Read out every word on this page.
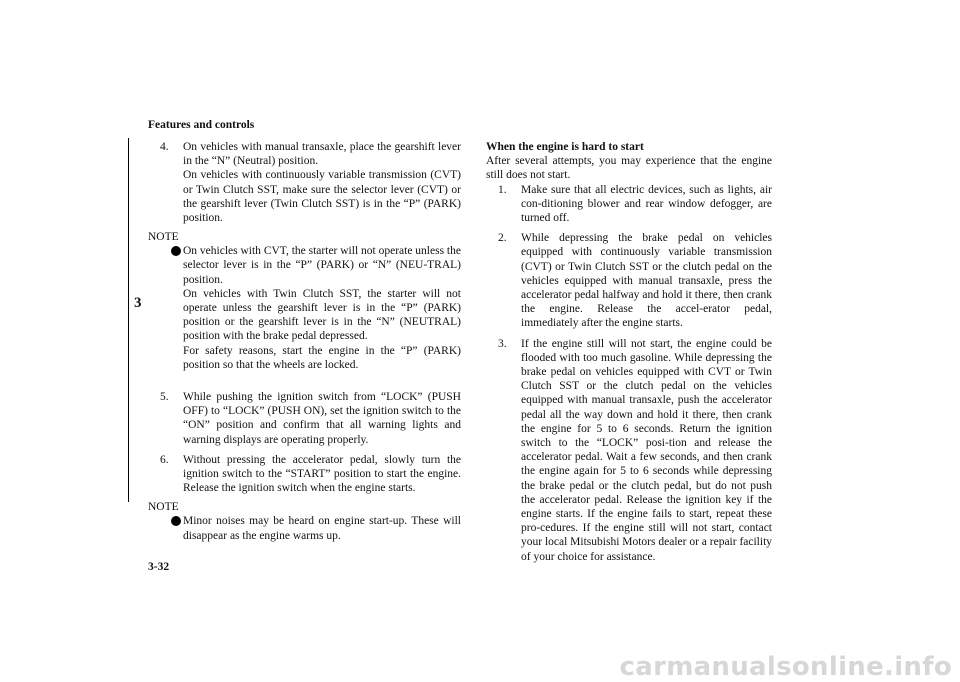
Features and controls
3
4. On vehicles with manual transaxle, place the gearshift lever in the “N” (Neutral) position.

On vehicles with continuously variable transmission (CVT) or Twin Clutch SST, make sure the selector lever (CVT) or the gearshift lever (Twin Clutch SST) is in the “P” (PARK) position.

NOTE

On vehicles with CVT, the starter will not operate unless the selector lever is in the “P” (PARK) or “N” (NEU-TRAL) position.

On vehicles with Twin Clutch SST, the starter will not operate unless the gearshift lever is in the “P” (PARK) position or the gearshift lever is in the “N” (NEUTRAL) position with the brake pedal depressed.

For safety reasons, start the engine in the “P” (PARK) position so that the wheels are locked.

5. While pushing the ignition switch from “LOCK” (PUSH OFF) to “LOCK” (PUSH ON), set the ignition switch to the “ON” position and confirm that all warning lights and warning displays are operating properly.

6. Without pressing the accelerator pedal, slowly turn the ignition switch to the “START” position to start the engine. Release the ignition switch when the engine starts.

NOTE

Minor noises may be heard on engine start-up. These will disappear as the engine warms up.

When the engine is hard to start

After several attempts, you may experience that the engine still does not start.

1. Make sure that all electric devices, such as lights, air con-ditioning blower and rear window defogger, are turned off.

2. While depressing the brake pedal on vehicles equipped with continuously variable transmission (CVT) or Twin Clutch SST or the clutch pedal on the vehicles equipped with manual transaxle, press the accelerator pedal halfway and hold it there, then crank the engine. Release the accel-erator pedal, immediately after the engine starts.

3. If the engine still will not start, the engine could be flooded with too much gasoline. While depressing the brake pedal on vehicles equipped with CVT or Twin Clutch SST or the clutch pedal on the vehicles equipped with manual transaxle, push the accelerator pedal all the way down and hold it there, then crank the engine for 5 to 6 seconds. Return the ignition switch to the “LOCK” posi-tion and release the accelerator pedal. Wait a few seconds, and then crank the engine again for 5 to 6 seconds while depressing the brake pedal or the clutch pedal, but do not push the accelerator pedal. Release the ignition key if the engine starts. If the engine fails to start, repeat these pro-cedures. If the engine still will not start, contact your local Mitsubishi Motors dealer or a repair facility of your choice for assistance.

3-32
carmanualsonline.info
